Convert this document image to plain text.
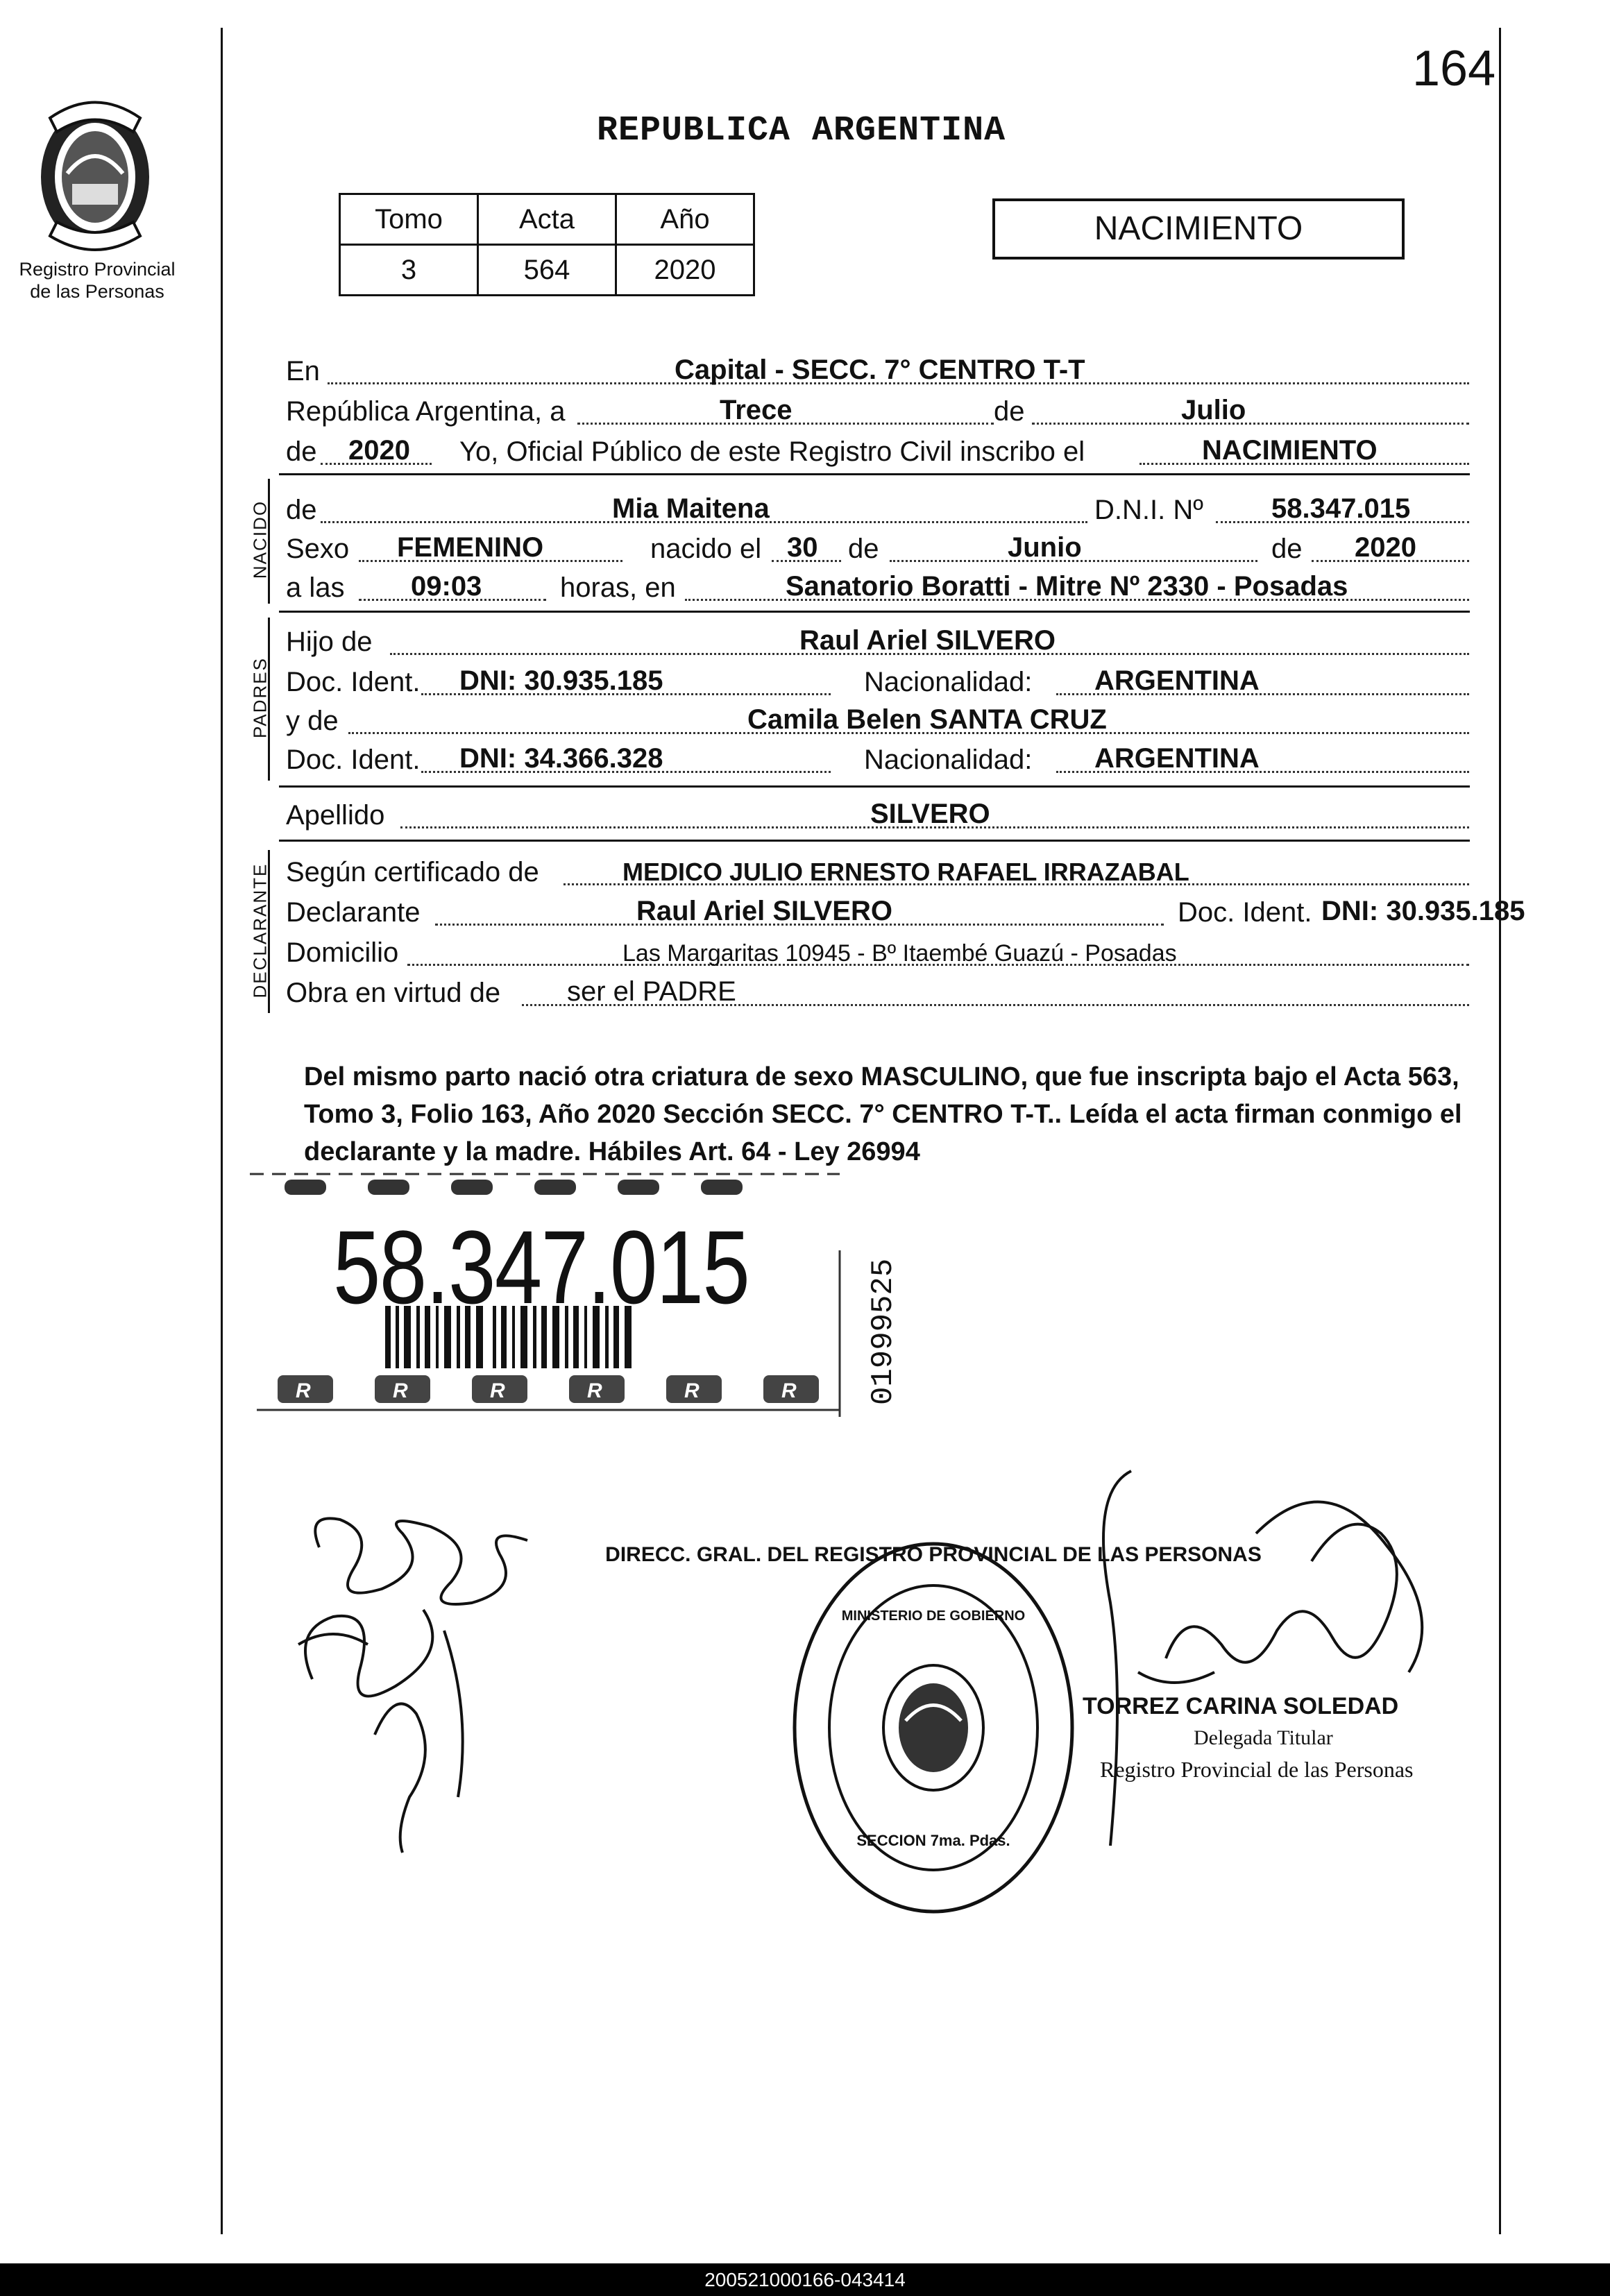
164
Registro Provincial
de las Personas
REPUBLICA ARGENTINA
Tomo	Acta	Año
3	564	2020
NACIMIENTO
En	Capital - SECC. 7° CENTRO T-T
República Argentina, a	Trece	de	Julio
de 2020 Yo, Oficial Público de este Registro Civil inscribo el	NACIMIENTO
NACIDO de	Mia Maitena	D.N.I. Nº 58.347.015
Sexo FEMENINO	nacido el 30 de	Junio	de 2020
a las 09:03	horas, en	Sanatorio Boratti - Mitre Nº 2330 - Posadas
PADRES
Hijo de	Raul Ariel SILVERO
Doc. Ident. DNI: 30.935.185	Nacionalidad: ARGENTINA
y de	Camila Belen SANTA CRUZ
Doc. Ident. DNI: 34.366.328	Nacionalidad: ARGENTINA
Apellido	SILVERO
DECLARANTE Según certificado de	MEDICO JULIO ERNESTO RAFAEL IRRAZABAL
Declarante	Raul Ariel SILVERO	Doc. Ident. DNI: 30.935.185
Domicilio	Las Margaritas 10945 - Bº Itaembé Guazú - Posadas
Obra en virtud de ser el PADRE
Del mismo parto nació otra criatura de sexo MASCULINO, que fue inscripta bajo el Acta 563, Tomo 3, Folio 163, Año 2020 Sección SECC. 7° CENTRO T-T.. Leída el acta firman conmigo el declarante y la madre. Hábiles Art. 64 - Ley 26994
R	R	R	R	R	R
58.347.015	01999525
DIRECC. GRAL. DEL REGISTRO PROVINCIAL DE LAS PERSONAS
MINISTERIO DE GOBIERNO
SECCION 7ma. Pdas.
TORREZ CARINA SOLEDAD
Delegada Titular
Registro Provincial de las Personas
200521000166-043414
